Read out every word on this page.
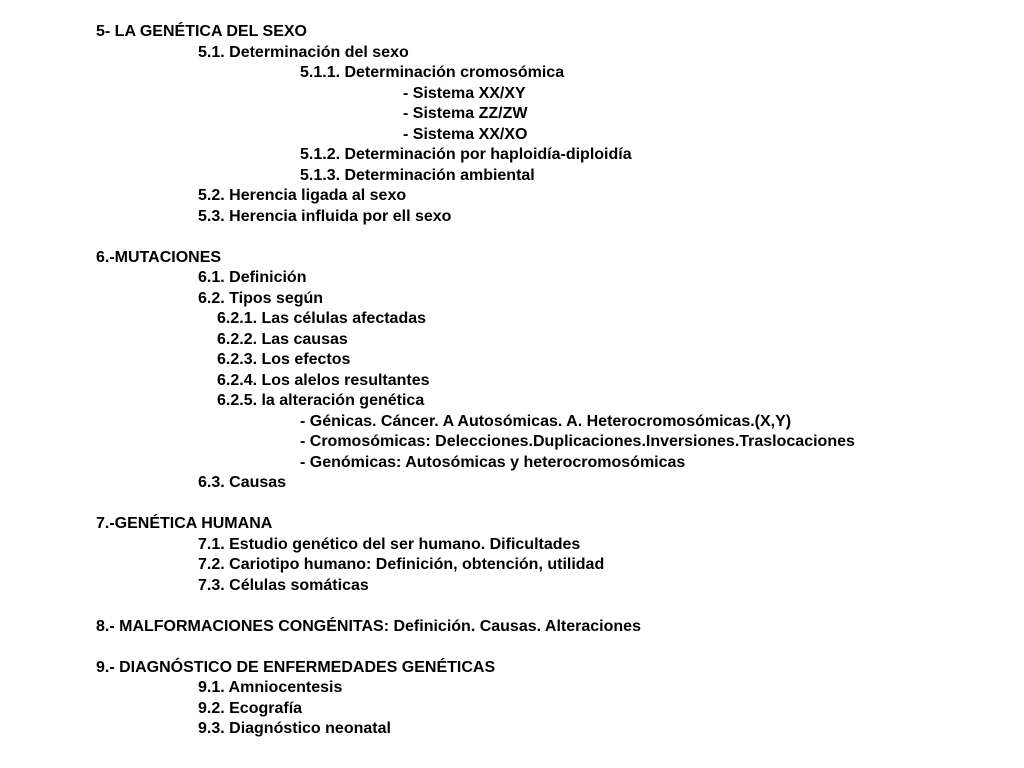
5- LA GENÉTICA DEL SEXO
5.1. Determinación del sexo
5.1.1. Determinación cromosómica
- Sistema XX/XY
- Sistema ZZ/ZW
- Sistema XX/XO
5.1.2. Determinación por haploidía-diploidía
5.1.3. Determinación ambiental
5.2. Herencia ligada al sexo
5.3. Herencia influida por ell sexo
6.-MUTACIONES
6.1. Definición
6.2. Tipos según
6.2.1. Las células afectadas
6.2.2. Las causas
6.2.3. Los efectos
6.2.4. Los alelos resultantes
6.2.5. la alteración genética
- Génicas. Cáncer. A Autosómicas. A. Heterocromosómicas.(X,Y)
- Cromosómicas: Delecciones.Duplicaciones.Inversiones.Traslocaciones
- Genómicas: Autosómicas y heterocromosómicas
6.3. Causas
7.-GENÉTICA HUMANA
7.1. Estudio genético del ser humano. Dificultades
7.2. Cariotipo humano: Definición, obtención, utilidad
7.3. Células somáticas
8.- MALFORMACIONES CONGÉNITAS: Definición. Causas. Alteraciones
9.- DIAGNÓSTICO DE ENFERMEDADES GENÉTICAS
9.1. Amniocentesis
9.2. Ecografía
9.3. Diagnóstico neonatal
